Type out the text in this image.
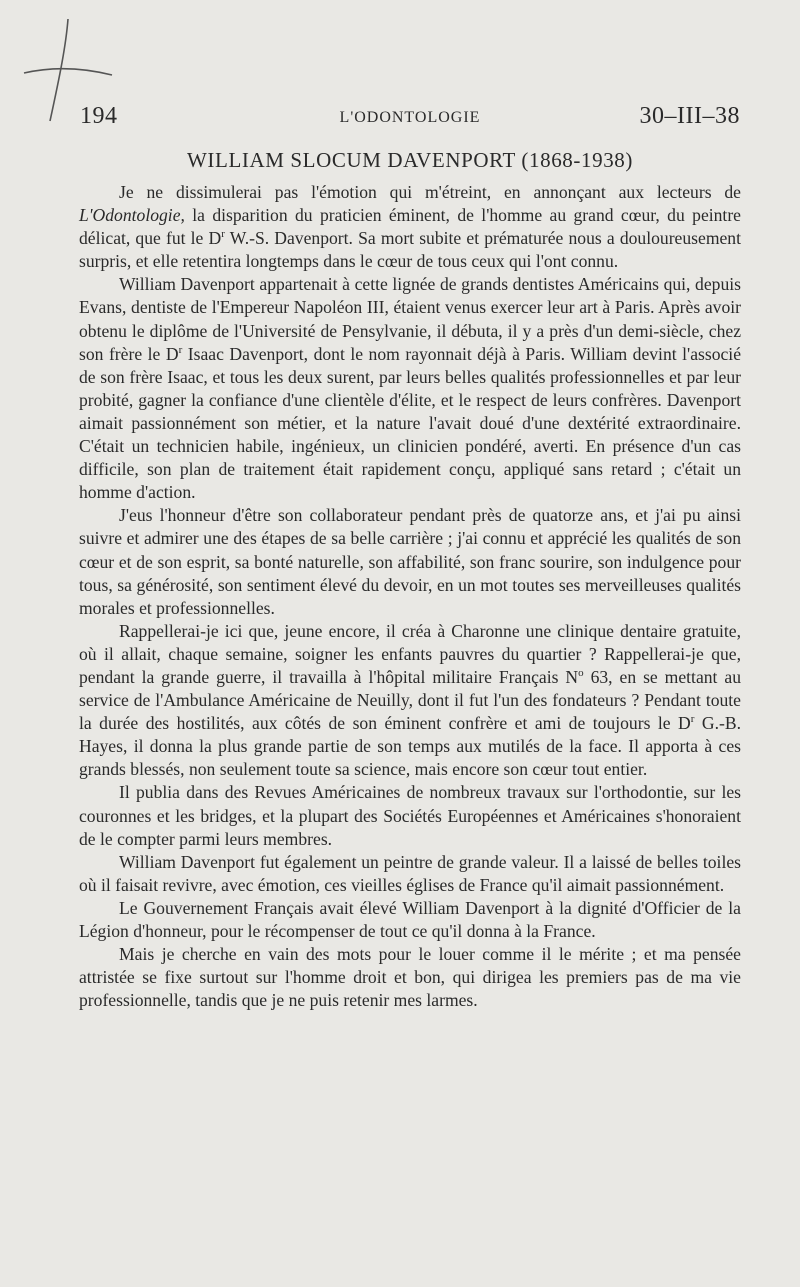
194	L'ODONTOLOGIE	30–III–38
WILLIAM SLOCUM DAVENPORT (1868-1938)

Je ne dissimulerai pas l'émotion qui m'étreint, en annonçant aux lecteurs de L'Odontologie, la disparition du praticien éminent, de l'homme au grand cœur, du peintre délicat, que fut le $D^r$ W.-S. Davenport. Sa mort subite et prématurée nous a douloureusement surpris, et elle retentira longtemps dans le cœur de tous ceux qui l'ont connu.

William Davenport appartenait à cette lignée de grands dentistes Américains qui, depuis Evans, dentiste de l'Empereur Napoléon III, étaient venus exercer leur art à Paris. Après avoir obtenu le diplôme de l'Université de Pensylvanie, il débuta, il y a près d'un demi-siècle, chez son frère le $D^r$ Isaac Davenport, dont le nom rayonnait déjà à Paris. William devint l'associé de son frère Isaac, et tous les deux surent, par leurs belles qualités professionnelles et par leur probité, gagner la confiance d'une clientèle d'élite, et le respect de leurs confrères. Davenport aimait passionnément son métier, et la nature l'avait doué d'une dextérité extraordinaire. C'était un technicien habile, ingénieux, un clinicien pondéré, averti. En présence d'un cas difficile, son plan de traitement était rapidement conçu, appliqué sans retard ; c'était un homme d'action.

J'eus l'honneur d'être son collaborateur pendant près de quatorze ans, et j'ai pu ainsi suivre et admirer une des étapes de sa belle carrière ; j'ai connu et apprécié les qualités de son cœur et de son esprit, sa bonté naturelle, son affabilité, son franc sourire, son indulgence pour tous, sa générosité, son sentiment élevé du devoir, en un mot toutes ses merveilleuses qualités morales et professionnelles.

Rappellerai-je ici que, jeune encore, il créa à Charonne une clinique dentaire gratuite, où il allait, chaque semaine, soigner les enfants pauvres du quartier ? Rappellerai-je que, pendant la grande guerre, il travailla à l'hôpital militaire Français $N^o$ 63, en se mettant au service de l'Ambulance Américaine de Neuilly, dont il fut l'un des fondateurs ? Pendant toute la durée des hostilités, aux côtés de son éminent confrère et ami de toujours le $D^r$ G.-B. Hayes, il donna la plus grande partie de son temps aux mutilés de la face. Il apporta à ces grands blessés, non seulement toute sa science, mais encore son cœur tout entier.

Il publia dans des Revues Américaines de nombreux travaux sur l'orthodontie, sur les couronnes et les bridges, et la plupart des Sociétés Européennes et Américaines s'honoraient de le compter parmi leurs membres.

William Davenport fut également un peintre de grande valeur. Il a laissé de belles toiles où il faisait revivre, avec émotion, ces vieilles églises de France qu'il aimait passionnément.

Le Gouvernement Français avait élevé William Davenport à la dignité d'Officier de la Légion d'honneur, pour le récompenser de tout ce qu'il donna à la France.

Mais je cherche en vain des mots pour le louer comme il le mérite ; et ma pensée attristée se fixe surtout sur l'homme droit et bon, qui dirigea les premiers pas de ma vie professionnelle, tandis que je ne puis retenir mes larmes.
